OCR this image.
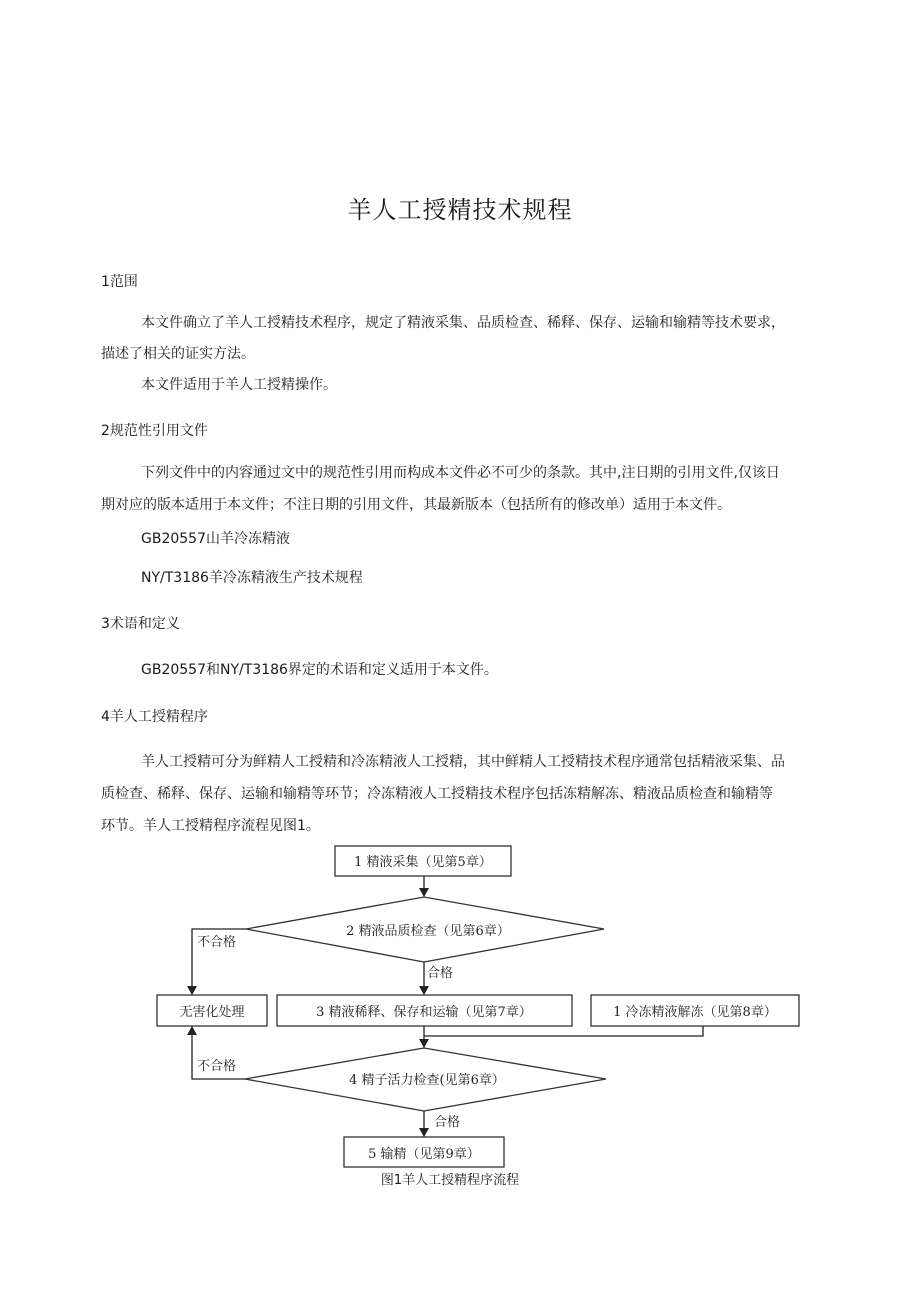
羊人工授精技术规程
1范围
本文件确立了羊人工授精技术程序，规定了精液采集、品质检查、稀释、保存、运输和输精等技术要求，
描述了相关的证实方法。
本文件适用于羊人工授精操作。
2规范性引用文件
下列文件中的内容通过文中的规范性引用而构成本文件必不可少的条款。其中,注日期的引用文件,仅该日
期对应的版本适用于本文件；不注日期的引用文件，其最新版本（包括所有的修改单）适用于本文件。
GB20557山羊冷冻精液
NY/T3186羊冷冻精液生产技术规程
3术语和定义
GB20557和NY/T3186界定的术语和定义适用于本文件。
4羊人工授精程序
羊人工授精可分为鲜精人工授精和冷冻精液人工授精，其中鲜精人工授精技术程序通常包括精液采集、品
质检查、稀释、保存、运输和输精等环节；冷冻精液人工授精技术程序包括冻精解冻、精液品质检查和输精等
环节。羊人工授精程序流程见图1。
1 精液采集（见第5章）
2 精液品质检查（见第6章）
无害化处理	3 精液稀释、保存和运输（见第7章）	1 冷冻精液解冻（见第8章）
4 精子活力检查(见第6章）
5 输精（见第9章）
不合格
不合格
合格
合格
图1羊人工授精程序流程
